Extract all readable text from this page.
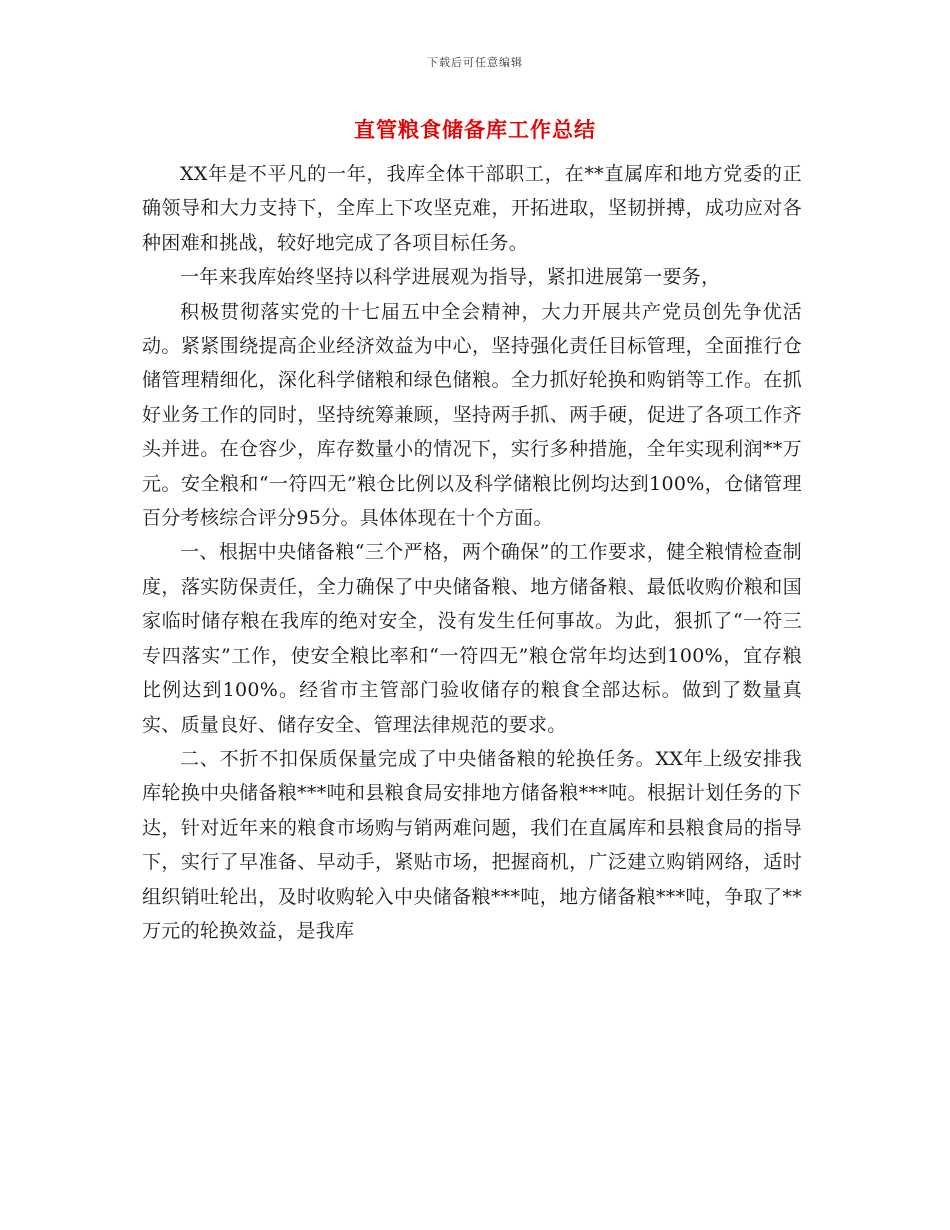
下载后可任意编辑
直管粮食储备库工作总结

XX年是不平凡的一年，我库全体干部职工，在**直属库和地方党委的正确领导和大力支持下，全库上下攻坚克难，开拓进取，坚韧拼搏，成功应对各种困难和挑战，较好地完成了各项目标任务。

一年来我库始终坚持以科学进展观为指导，紧扣进展第一要务，

积极贯彻落实党的十七届五中全会精神，大力开展共产党员创先争优活动。紧紧围绕提高企业经济效益为中心，坚持强化责任目标管理，全面推行仓储管理精细化，深化科学储粮和绿色储粮。全力抓好轮换和购销等工作。在抓好业务工作的同时，坚持统筹兼顾，坚持两手抓、两手硬，促进了各项工作齐头并进。在仓容少，库存数量小的情况下，实行多种措施，全年实现利润**万元。安全粮和“一符四无”粮仓比例以及科学储粮比例均达到100%，仓储管理百分考核综合评分95分。具体体现在十个方面。

一、根据中央储备粮“三个严格，两个确保”的工作要求，健全粮情检查制度，落实防保责任，全力确保了中央储备粮、地方储备粮、最低收购价粮和国家临时储存粮在我库的绝对安全，没有发生任何事故。为此，狠抓了“一符三专四落实”工作，使安全粮比率和“一符四无”粮仓常年均达到100%，宜存粮比例达到100%。经省市主管部门验收储存的粮食全部达标。做到了数量真实、质量良好、储存安全、管理法律规范的要求。

二、不折不扣保质保量完成了中央储备粮的轮换任务。XX年上级安排我库轮换中央储备粮***吨和县粮食局安排地方储备粮***吨。根据计划任务的下达，针对近年来的粮食市场购与销两难问题，我们在直属库和县粮食局的指导下，实行了早准备、早动手，紧贴市场，把握商机，广泛建立购销网络，适时组织销吐轮出，及时收购轮入中央储备粮***吨，地方储备粮***吨，争取了**万元的轮换效益，是我库
